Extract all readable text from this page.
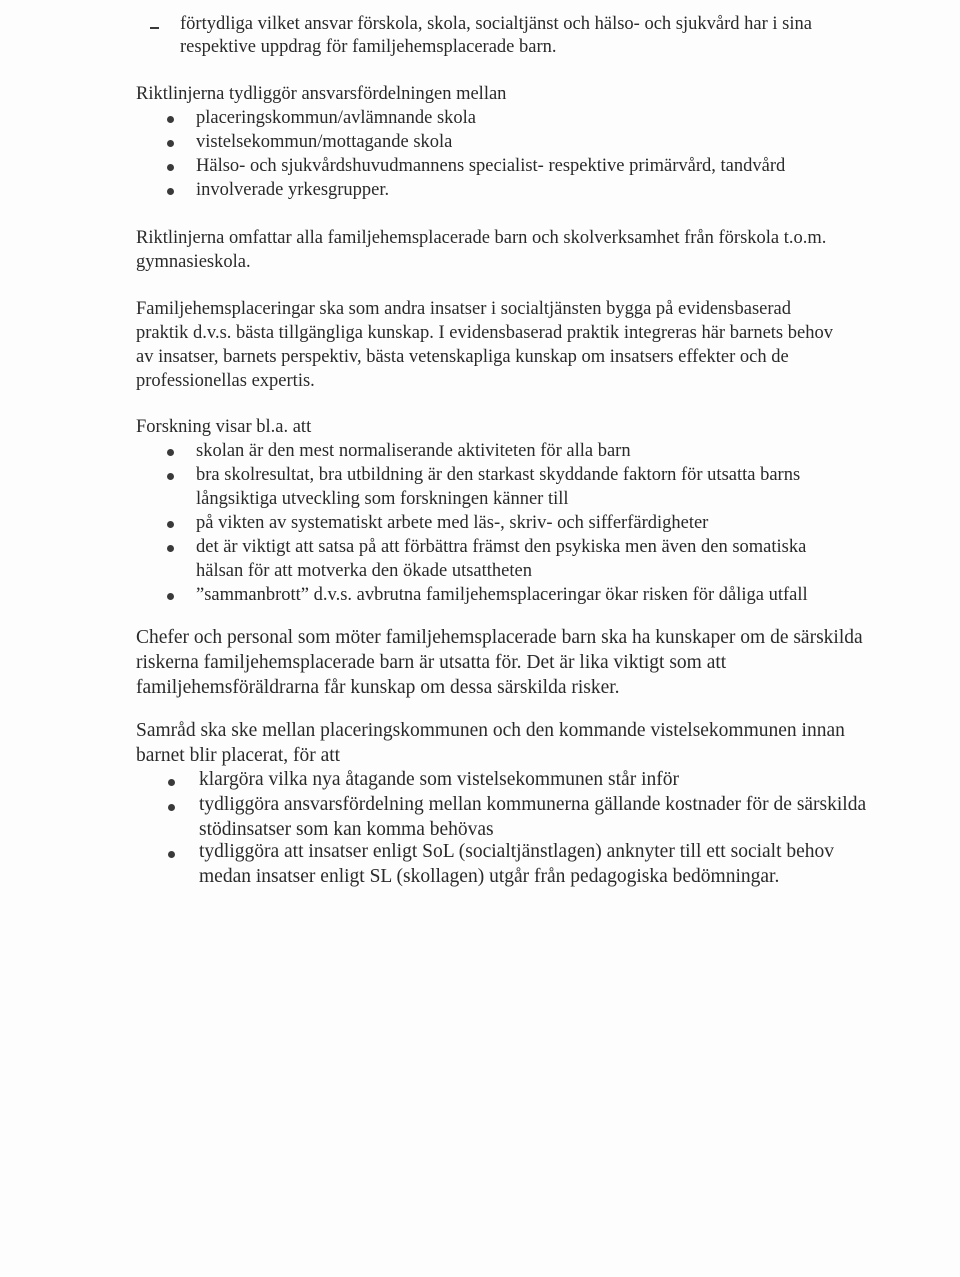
förtydliga vilket ansvar förskola, skola, socialtjänst och hälso- och sjukvård har i sina
respektive uppdrag för familjehemsplacerade barn.
Riktlinjerna tydliggör ansvarsfördelningen mellan
placeringskommun/avlämnande skola
vistelsekommun/mottagande skola
Hälso- och sjukvårdshuvudmannens specialist- respektive primärvård, tandvård
involverade yrkesgrupper.
Riktlinjerna omfattar alla familjehemsplacerade barn och skolverksamhet från förskola t.o.m.
gymnasieskola.
Familjehemsplaceringar ska som andra insatser i socialtjänsten bygga på evidensbaserad
praktik d.v.s. bästa tillgängliga kunskap. I evidensbaserad praktik integreras här barnets behov
av insatser, barnets perspektiv, bästa vetenskapliga kunskap om insatsers effekter och de
professionellas expertis.
Forskning visar bl.a. att
skolan är den mest normaliserande aktiviteten för alla barn
bra skolresultat, bra utbildning är den starkast skyddande faktorn för utsatta barns
långsiktiga utveckling som forskningen känner till
på vikten av systematiskt arbete med läs-, skriv- och sifferfärdigheter
det är viktigt att satsa på att förbättra främst den psykiska men även den somatiska
hälsan för att motverka den ökade utsattheten
”sammanbrott” d.v.s. avbrutna familjehemsplaceringar ökar risken för dåliga utfall
Chefer och personal som möter familjehemsplacerade barn ska ha kunskaper om de särskilda
riskerna familjehemsplacerade barn är utsatta för. Det är lika viktigt som att
familjehemsföräldrarna får kunskap om dessa särskilda risker.
Samråd ska ske mellan placeringskommunen och den kommande vistelsekommunen innan
barnet blir placerat, för att
klargöra vilka nya åtagande som vistelsekommunen står inför
tydliggöra ansvarsfördelning mellan kommunerna gällande kostnader för de särskilda
stödinsatser som kan komma behövas
tydliggöra att insatser enligt SoL (socialtjänstlagen) anknyter till ett socialt behov
medan insatser enligt SL (skollagen) utgår från pedagogiska bedömningar.
